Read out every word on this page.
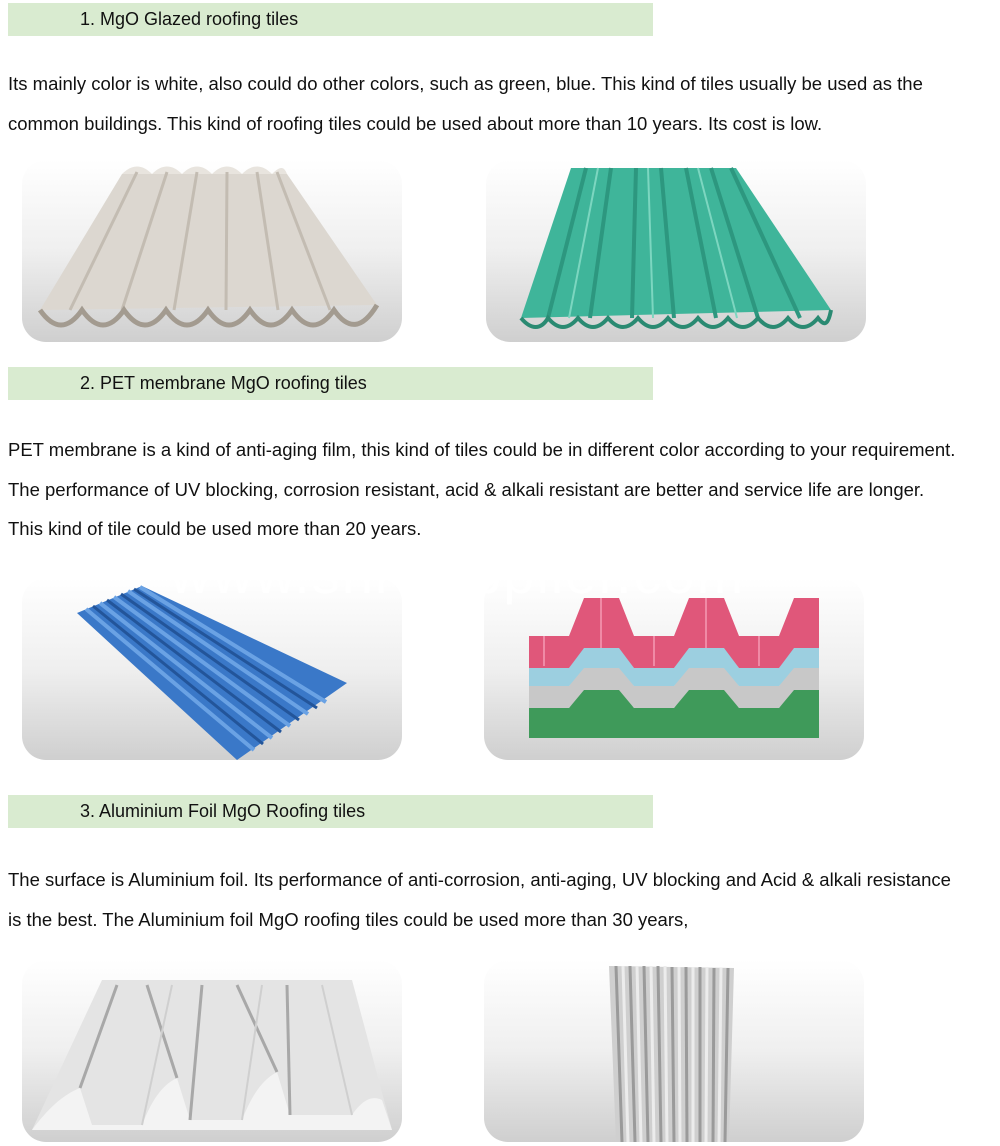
1. MgO Glazed roofing tiles

Its mainly color is white, also could do other colors, such as green, blue. This kind of tiles usually be used as the
common buildings. This kind of roofing tiles could be used about more than 10 years. Its cost is low.

2. PET membrane MgO roofing tiles

PET membrane is a kind of anti-aging film, this kind of tiles could be in different color according to your requirement.
The performance of UV blocking, corrosion resistant, acid & alkali resistant are better and service life are longer.
This kind of tile could be used more than 20 years.

www.shi supplier.com
3. Aluminium Foil MgO Roofing tiles

The surface is Aluminium foil. Its performance of anti-corrosion, anti-aging, UV blocking and Acid & alkali resistance
is the best. The Aluminium foil MgO roofing tiles could be used more than 30 years,
